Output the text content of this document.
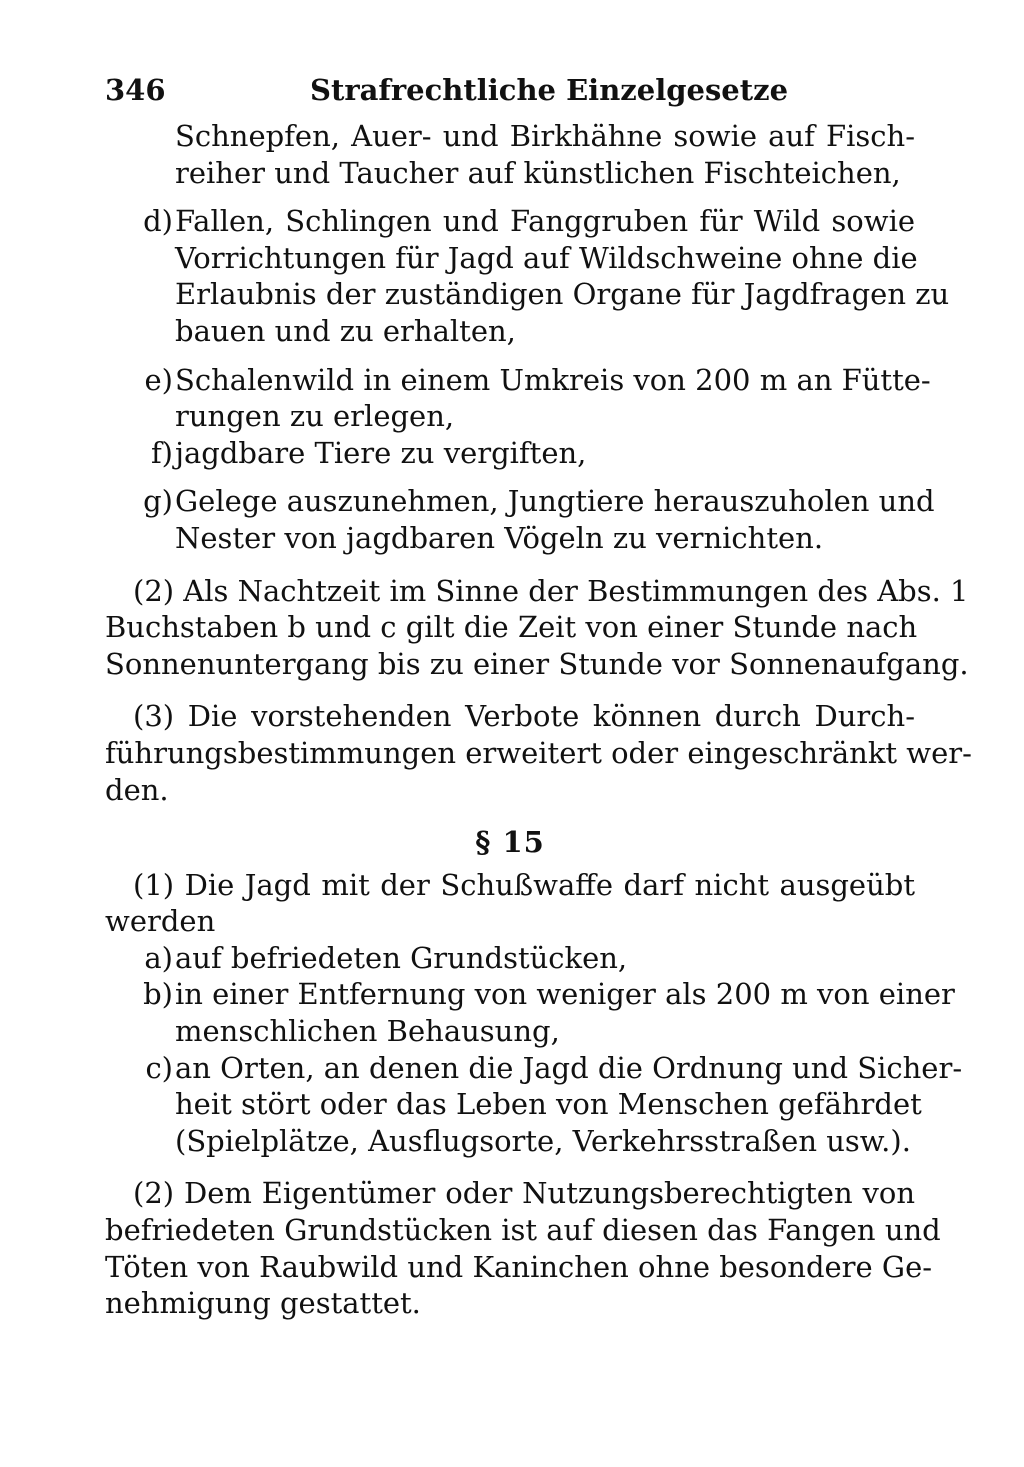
346	Strafrechtliche Einzelgesetze
Schnepfen, Auer- und Birkhähne sowie auf Fisch-
reiher und Taucher auf künstlichen Fischteichen,
d) Fallen, Schlingen und Fanggruben für Wild sowie
Vorrichtungen für Jagd auf Wildschweine ohne die
Erlaubnis der zuständigen Organe für Jagdfragen zu
bauen und zu erhalten,
e) Schalenwild in einem Umkreis von 200 m an Fütte-
rungen zu erlegen,
f) jagdbare Tiere zu vergiften,
g) Gelege auszunehmen, Jungtiere herauszuholen und
Nester von jagdbaren Vögeln zu vernichten.
(2) Als Nachtzeit im Sinne der Bestimmungen des Abs. 1
Buchstaben b und c gilt die Zeit von einer Stunde nach
Sonnenuntergang bis zu einer Stunde vor Sonnenaufgang.
(3) Die vorstehenden Verbote können durch Durch-
führungsbestimmungen erweitert oder eingeschränkt wer-
den.
§ 15
(1) Die Jagd mit der Schußwaffe darf nicht ausgeübt
werden
a) auf befriedeten Grundstücken,
b) in einer Entfernung von weniger als 200 m von einer
menschlichen Behausung,
c) an Orten, an denen die Jagd die Ordnung und Sicher-
heit stört oder das Leben von Menschen gefährdet
(Spielplätze, Ausflugsorte, Verkehrsstraßen usw.).
(2) Dem Eigentümer oder Nutzungsberechtigten von
befriedeten Grundstücken ist auf diesen das Fangen und
Töten von Raubwild und Kaninchen ohne besondere Ge-
nehmigung gestattet.
